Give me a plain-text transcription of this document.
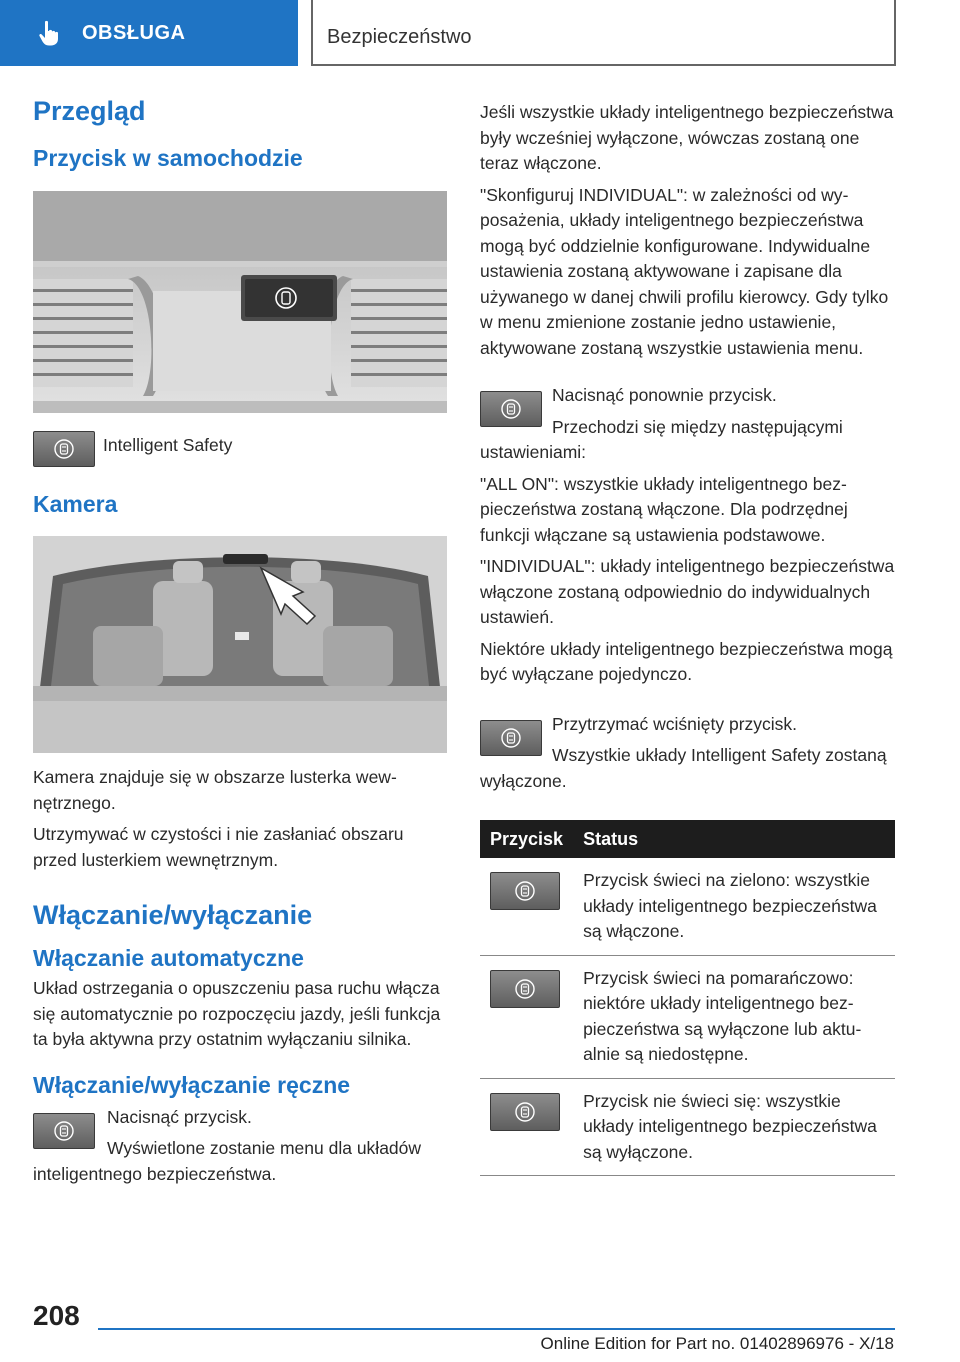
OBSŁUGA	Bezpieczeństwo
Przegląd
Przycisk w samochodzie

Intelligent Safety

Kamera

Kamera znajduje się w obszarze lusterka wewnętrznego.

Utrzymywać w czystości i nie zasłaniać obszaru przed lusterkiem wewnętrznym.

Włączanie/wyłączanie
Włączanie automatyczne

Układ ostrzegania o opuszczeniu pasa ruchu włącza się automatycznie po rozpoczęciu jazdy, jeśli funkcja ta była aktywna przy ostatnim wyłączaniu silnika.

Włączanie/wyłączanie ręczne

Nacisnąć przycisk.

Wyświetlone zostanie menu dla układów inteligentnego bezpieczeństwa.

Jeśli wszystkie układy inteligentnego bezpieczeństwa były wcześniej wyłączone, wówczas zostaną one teraz włączone.

"Skonfiguruj INDIVIDUAL": w zależności od wyposażenia, układy inteligentnego bezpieczeństwa mogą być oddzielnie konfigurowane. Indywidualne ustawienia zostaną aktywowane i zapisane dla używanego w danej chwili profilu kierowcy. Gdy tylko w menu zmienione zostanie jedno ustawienie, aktywowane zostaną wszystkie ustawienia menu.

Nacisnąć ponownie przycisk.

Przechodzi się między następującymi ustawieniami:

"ALL ON": wszystkie układy inteligentnego bezpieczeństwa zostaną włączone. Dla podrzędnej funkcji włączane są ustawienia podstawowe.

"INDIVIDUAL": układy inteligentnego bezpieczeństwa włączone zostaną odpowiednio do indywidualnych ustawień.

Niektóre układy inteligentnego bezpieczeństwa mogą być wyłączane pojedynczo.

Przytrzymać wciśnięty przycisk.

Wszystkie układy Intelligent Safety zostaną wyłączone.

Przycisk	Status

	Przycisk świeci na zielono: wszystkie układy inteligentnego bezpieczeństwa są włączone.

	Przycisk świeci na pomarańczowo: niektóre układy inteligentnego bezpieczeństwa są wyłączone lub aktualnie są niedostępne.

	Przycisk nie świeci się: wszystkie układy inteligentnego bezpieczeństwa są wyłączone.
208
Online Edition for Part no. 01402896976 - X/18
